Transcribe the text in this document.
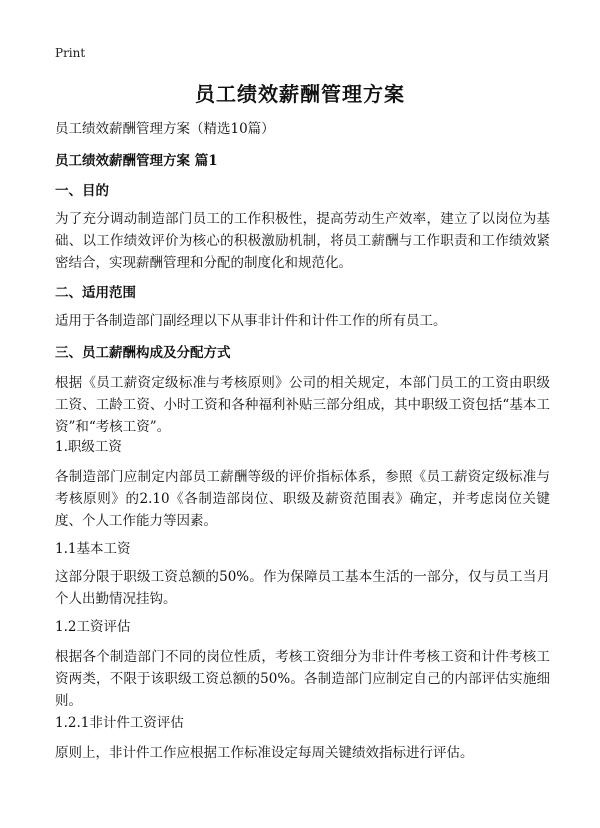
Print
员工绩效薪酬管理方案
员工绩效薪酬管理方案（精选10篇）
员工绩效薪酬管理方案 篇1
一、目的
为了充分调动制造部门员工的工作积极性，提高劳动生产效率，建立了以岗位为基础、以工作绩效评价为核心的积极激励机制，将员工薪酬与工作职责和工作绩效紧密结合，实现薪酬管理和分配的制度化和规范化。
二、适用范围
适用于各制造部门副经理以下从事非计件和计件工作的所有员工。
三、员工薪酬构成及分配方式
根据《员工薪资定级标准与考核原则》公司的相关规定，本部门员工的工资由职级工资、工龄工资、小时工资和各种福利补贴三部分组成，其中职级工资包括“基本工资”和“考核工资”。
1.职级工资
各制造部门应制定内部员工薪酬等级的评价指标体系，参照《员工薪资定级标准与考核原则》的2.10《各制造部岗位、职级及薪资范围表》确定，并考虑岗位关键度、个人工作能力等因素。
1.1基本工资
这部分限于职级工资总额的50%。作为保障员工基本生活的一部分，仅与员工当月个人出勤情况挂钩。
1.2工资评估
根据各个制造部门不同的岗位性质，考核工资细分为非计件考核工资和计件考核工资两类，不限于该职级工资总额的50%。各制造部门应制定自己的内部评估实施细则。
1.2.1非计件工资评估
原则上，非计件工作应根据工作标准设定每周关键绩效指标进行评估。
